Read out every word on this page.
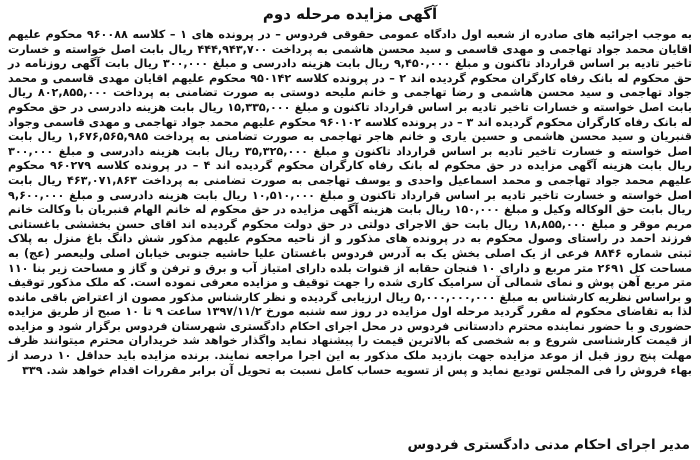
آگهی مزایده مرحله دوم

به موجب اجرائیه های صادره از شعبه اول دادگاه عمومی حقوقی فردوس – در پرونده های ۱ – کلاسه ۹۶۰۰۸۸ محکوم علیهم اقایان محمد جواد تهاجمی و مهدی قاسمی و سید محسن هاشمی به پرداخت ۴۴۴,۹۴۳,۷۰۰ ریال بابت اصل خواسته و خسارت تاخیر تادیه بر اساس قرارداد تاکنون و مبلغ ۹,۴۵۰,۰۰۰ ریال بابت هزینه دادرسی و مبلغ ۳۰۰,۰۰۰ ریال بابت آگهی روزنامه در حق محکوم له بانک رفاه کارگران محکوم گردیده اند ۲ – در پرونده کلاسه ۹۵۰۱۴۲ محکوم علیهم اقایان مهدی قاسمی و محمد جواد تهاجمی و سید محسن هاشمی و رضا تهاجمی و خانم ملیحه دوستی به صورت تضامنی به پرداخت ۸۰۲,۸۵۵,۰۰۰ ریال بابت اصل خواسته و خسارات تاخیر تادیه بر اساس قرارداد تاکنون و مبلغ ۱۵,۳۳۵,۰۰۰ ریال بابت هزینه دادرسی در حق محکوم له بانک رفاه کارگران محکوم گردیده اند ۳ – در پرونده کلاسه ۹۶۰۱۰۲ محکوم علیهم محمد جواد تهاجمی و مهدی قاسمی وجواد قنبریان و سید محسن هاشمی و حسین یاری و خانم هاجر تهاجمی به صورت تضامنی به پرداخت ۱,۶۷۶,۵۶۵,۹۸۵ ریال بابت اصل خواسته و خسارت تاخیر تادیه بر اساس قرارداد تاکنون و مبلغ ۳۵,۳۲۵,۰۰۰ ریال بابت هزینه دادرسی و مبلغ ۳۰۰,۰۰۰ ریال بابت هزینه آگهی مزایده در حق محکوم له بانک رفاه کارگران محکوم گردیده اند ۴ – در پرونده کلاسه ۹۶۰۲۷۹ محکوم علیهم محمد جواد تهاجمی و محمد اسماعیل واحدی و یوسف تهاجمی به صورت تضامنی به پرداخت ۴۶۳,۰۷۱,۸۶۳ ریال بابت اصل خواسته و خسارت تاخیر تادیه بر اساس قرارداد تاکنون و مبلغ ۱۰,۵۱۰,۰۰۰ ریال بابت هزینه دادرسی و مبلغ ۹,۶۰۰,۰۰۰ ریال بابت حق الوکاله وکیل و مبلغ ۱۵۰,۰۰۰ ریال بابت هزینه آگهی مزایده در حق محکوم له خانم الهام قنبریان با وکالت خانم مریم موقر و مبلغ ۱۸,۸۵۵,۰۰۰ ریال بابت حق الاجرای دولتی در حق دولت محکوم گردیده اند اقای حسن بخششی باغستانی فرزند احمد در راستای وصول محکوم به در پرونده های مذکور و از ناحیه محکوم علیهم مذکور شش دانگ باغ منزل به پلاک ثبتی شماره ۸۸۴۶ فرعی از یک اصلی بخش یک به آدرس فردوس باغستان علیا حاشیه جنوبی خیابان اصلی ولیعصر (عج) به مساحت کل ۲۶۹۱ متر مربع و دارای ۱۰ فنجان حقابه از قنوات بلده دارای امتیاز آب و برق و ترفن و گاز و مساحت زیر بنا ۱۱۰ متر مربع آهن پوش و نمای شمالی آن سرامیک کاری شده را جهت توقیف و مزایده معرفی نموده است. که ملک مذکور توقیف و براساس نظریه کارشناس به مبلغ ۵,۰۰۰,۰۰۰,۰۰۰ ریال ارزیابی گردیده و نظر کارشناس مذکور مصون از اعتراض باقی مانده لذا به تقاضای محکوم له مقرر گردید مرحله اول مزایده در روز سه شنبه مورخ ۱۳۹۷/۱۱/۲ ساعت ۹ تا ۱۰ صبح از طریق مزایده حضوری و با حضور نماینده محترم دادستانی فردوس در محل اجرای احکام دادگستری شهرستان فردوس برگزار شود و مزایده از قیمت کارشناسی شروع و به شخصی که بالاترین قیمت را پیشنهاد نماید واگذار خواهد شد خریداران محترم میتوانند ظرف مهلت پنج روز قبل از موعد مزایده جهت بازدید ملک مذکور به این اجرا مراجعه نمایند. برنده مزایده باید حداقل ۱۰ درصد از بهاء فروش را فی المجلس تودیع نماید و پس از تسویه حساب کامل نسبت به تحویل آن برابر مقررات اقدام خواهد شد. ۳۳۹

مدیر اجرای احکام مدنی دادگستری فردوس
